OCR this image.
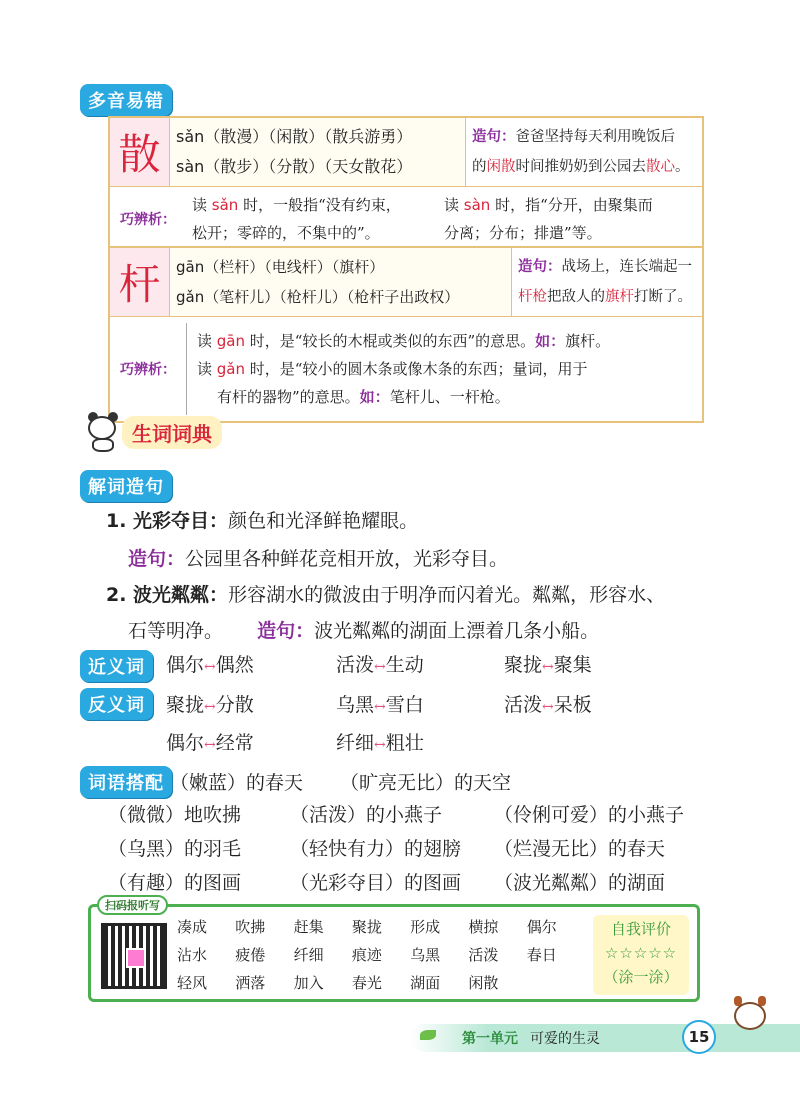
多音易错
散 sǎn（散漫）（闲散）（散兵游勇）
sàn（散步）（分散）（天女散花）
造句：爸爸坚持每天利用晚饭后
的闲散时间推奶奶到公园去散心。
巧辨析：
读 sǎn 时，一般指“没有约束，
松开；零碎的，不集中的”。
读 sàn 时，指“分开，由聚集而
分离；分布；排遣”等。
杆	gān（栏杆）（电线杆）（旗杆）
gǎn（笔杆儿）（枪杆儿）（枪杆子出政权）
造句：战场上，连长端起一
杆枪把敌人的旗杆打断了。
巧辨析：
读 gān 时，是“较长的木棍或类似的东西”的意思。如：旗杆。
读 gǎn 时，是“较小的圆木条或像木条的东西；量词，用于
有杆的器物”的意思。如：笔杆儿、一杆枪。
生词词典
解词造句
1. 光彩夺目：颜色和光泽鲜艳耀眼。
造句：公园里各种鲜花竞相开放，光彩夺目。
2. 波光粼粼：形容湖水的微波由于明净而闪着光。粼粼，形容水、
石等明净。 造句：波光粼粼的湖面上漂着几条小船。
近义词	偶尔↔偶然	活泼↔生动	聚拢↔聚集
反义词	聚拢↔分散	乌黑↔雪白	活泼↔呆板
偶尔↔经常	纤细↔粗壮
词语搭配 （嫩蓝）的春天 （旷亮无比）的天空
（微微）地吹拂	（活泼）的小燕子	（伶俐可爱）的小燕子
（乌黑）的羽毛	（轻快有力）的翅膀 （烂漫无比）的春天
（有趣）的图画	（光彩夺目）的图画 （波光粼粼）的湖面
扫码报听写
凑成	吹拂	赶集	聚拢	形成	横掠	偶尔
沾水	疲倦	纤细	痕迹	乌黑	活泼	春日
轻风	洒落	加入	春光	湖面	闲散
自我评价
☆☆☆☆☆
（涂一涂）
第一单元 可爱的生灵	15
